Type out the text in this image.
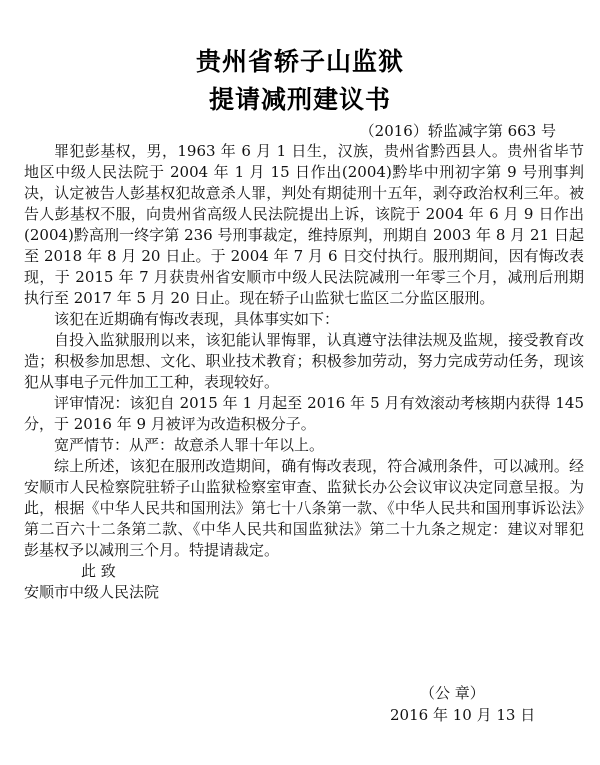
贵州省轿子山监狱
提请减刑建议书
（2016）轿监减字第 663 号

罪犯彭基权，男，1963 年 6 月 1 日生，汉族，贵州省黔西县人。贵州省毕节地区中级人民法院于 2004 年 1 月 15 日作出(2004)黔毕中刑初字第 9 号刑事判决，认定被告人彭基权犯故意杀人罪，判处有期徒刑十五年，剥夺政治权利三年。被告人彭基权不服，向贵州省高级人民法院提出上诉，该院于 2004 年 6 月 9 日作出(2004)黔高刑一终字第 236 号刑事裁定，维持原判，刑期自 2003 年 8 月 21 日起至 2018 年 8 月 20 日止。于 2004 年 7 月 6 日交付执行。服刑期间，因有悔改表现，于 2015 年 7 月获贵州省安顺市中级人民法院减刑一年零三个月，减刑后刑期执行至 2017 年 5 月 20 日止。现在轿子山监狱七监区二分监区服刑。

该犯在近期确有悔改表现，具体事实如下：

自投入监狱服刑以来，该犯能认罪悔罪，认真遵守法律法规及监规，接受教育改造；积极参加思想、文化、职业技术教育；积极参加劳动，努力完成劳动任务，现该犯从事电子元件加工工种，表现较好。

评审情况：该犯自 2015 年 1 月起至 2016 年 5 月有效滚动考核期内获得 145 分，于 2016 年 9 月被评为改造积极分子。

宽严情节：从严：故意杀人罪十年以上。

综上所述，该犯在服刑改造期间，确有悔改表现，符合减刑条件，可以减刑。经安顺市人民检察院驻轿子山监狱检察室审查、监狱长办公会议审议决定同意呈报。为此，根据《中华人民共和国刑法》第七十八条第一款、《中华人民共和国刑事诉讼法》第二百六十二条第二款、《中华人民共和国监狱法》第二十九条之规定：建议对罪犯彭基权予以减刑三个月。特提请裁定。

此 致

安顺市中级人民法院

（公 章）
2016 年 10 月 13 日
